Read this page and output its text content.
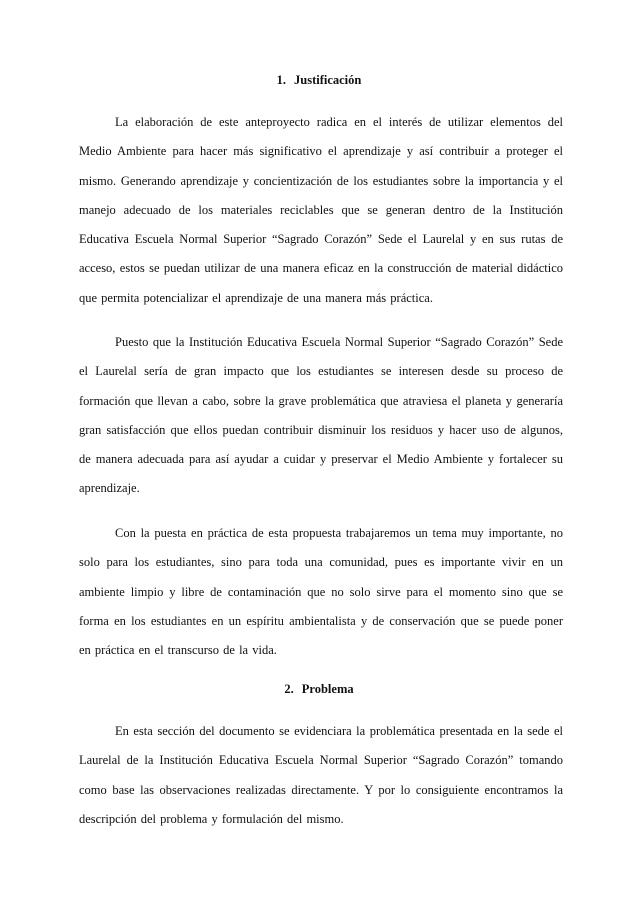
1. Justificación

La elaboración de este anteproyecto radica en el interés de utilizar elementos del Medio Ambiente para hacer más significativo el aprendizaje y así contribuir a proteger el mismo. Generando aprendizaje y concientización de los estudiantes sobre la importancia y el manejo adecuado de los materiales reciclables que se generan dentro de la Institución Educativa Escuela Normal Superior “Sagrado Corazón” Sede el Laurelal y en sus rutas de acceso, estos se puedan utilizar de una manera eficaz en la construcción de material didáctico que permita potencializar el aprendizaje de una manera más práctica.

Puesto que la Institución Educativa Escuela Normal Superior “Sagrado Corazón” Sede el Laurelal sería de gran impacto que los estudiantes se interesen desde su proceso de formación que llevan a cabo, sobre la grave problemática que atraviesa el planeta y generaría gran satisfacción que ellos puedan contribuir disminuir los residuos y hacer uso de algunos, de manera adecuada para así ayudar a cuidar y preservar el Medio Ambiente y fortalecer su aprendizaje.

Con la puesta en práctica de esta propuesta trabajaremos un tema muy importante, no solo para los estudiantes, sino para toda una comunidad, pues es importante vivir en un ambiente limpio y libre de contaminación que no solo sirve para el momento sino que se forma en los estudiantes en un espíritu ambientalista y de conservación que se puede poner en práctica en el transcurso de la vida.

2. Problema

En esta sección del documento se evidenciara la problemática presentada en la sede el Laurelal de la Institución Educativa Escuela Normal Superior “Sagrado Corazón” tomando como base las observaciones realizadas directamente. Y por lo consiguiente encontramos la descripción del problema y formulación del mismo.
